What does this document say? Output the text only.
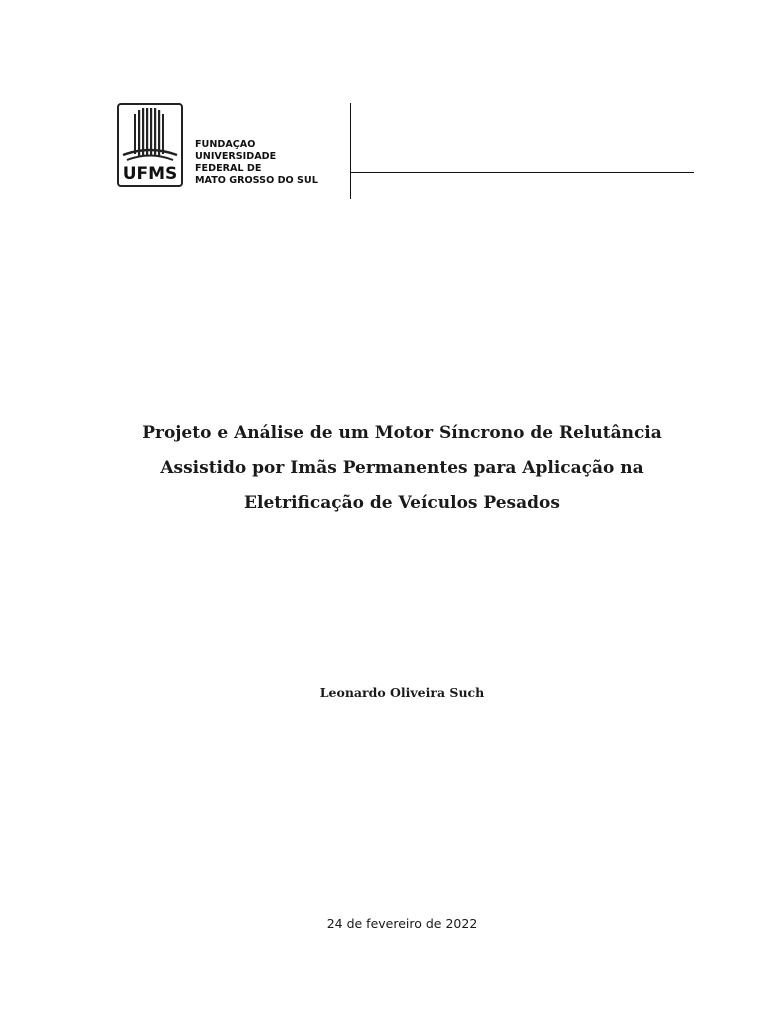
UFMS
FUNDAÇÃO
UNIVERSIDADE
FEDERAL DE
MATO GROSSO DO SUL
Projeto e Análise de um Motor Síncrono de Relutância
Assistido por Imãs Permanentes para Aplicação na
Eletrificação de Veículos Pesados
Leonardo Oliveira Such
24 de fevereiro de 2022
